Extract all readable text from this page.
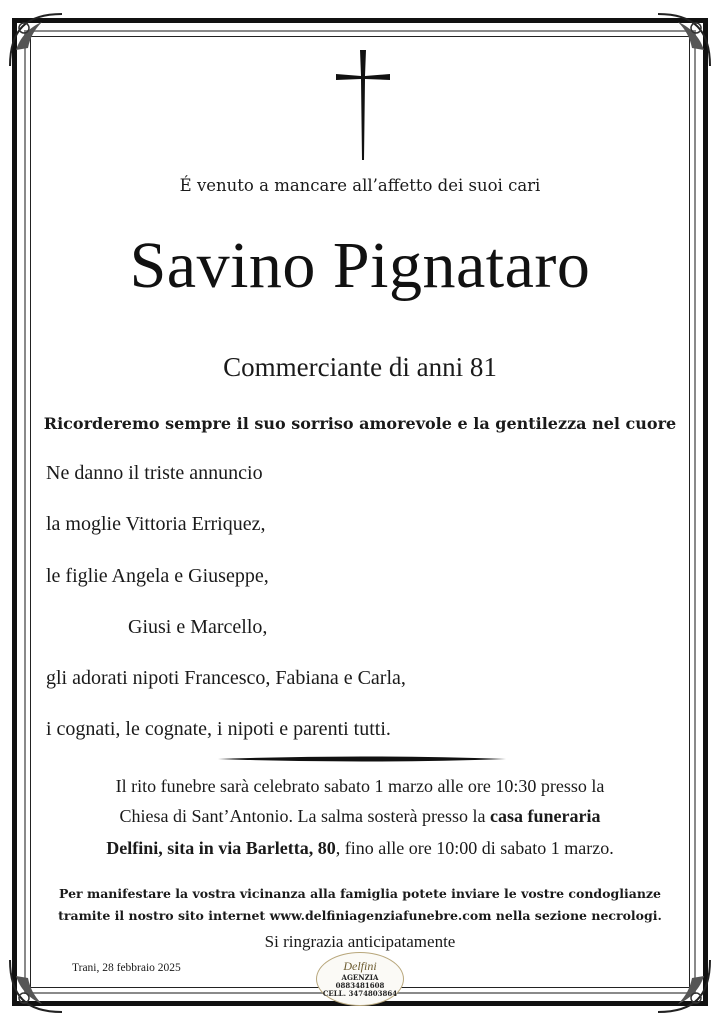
É venuto a mancare all’affetto dei suoi cari
Savino Pignataro
Commerciante di anni 81
Ricorderemo sempre il suo sorriso amorevole e la gentilezza nel cuore
Ne danno il triste annuncio
la moglie Vittoria Erriquez,
le figlie Angela e Giuseppe,
Giusi e Marcello,
gli adorati nipoti Francesco, Fabiana e Carla,
i cognati, le cognate, i nipoti e parenti tutti.
Il rito funebre sarà celebrato sabato 1 marzo alle ore 10:30 presso la
Chiesa di Sant’Antonio. La salma sosterà presso la casa funeraria
Delfini, sita in via Barletta, 80, fino alle ore 10:00 di sabato 1 marzo.
Per manifestare la vostra vicinanza alla famiglia potete inviare le vostre condoglianze
tramite il nostro sito internet www.delfiniagenziafunebre.com nella sezione necrologi.
Si ringrazia anticipatamente
Trani, 28 febbraio 2025	Delfini
AGENZIA 0883481608
CELL. 3474803864
